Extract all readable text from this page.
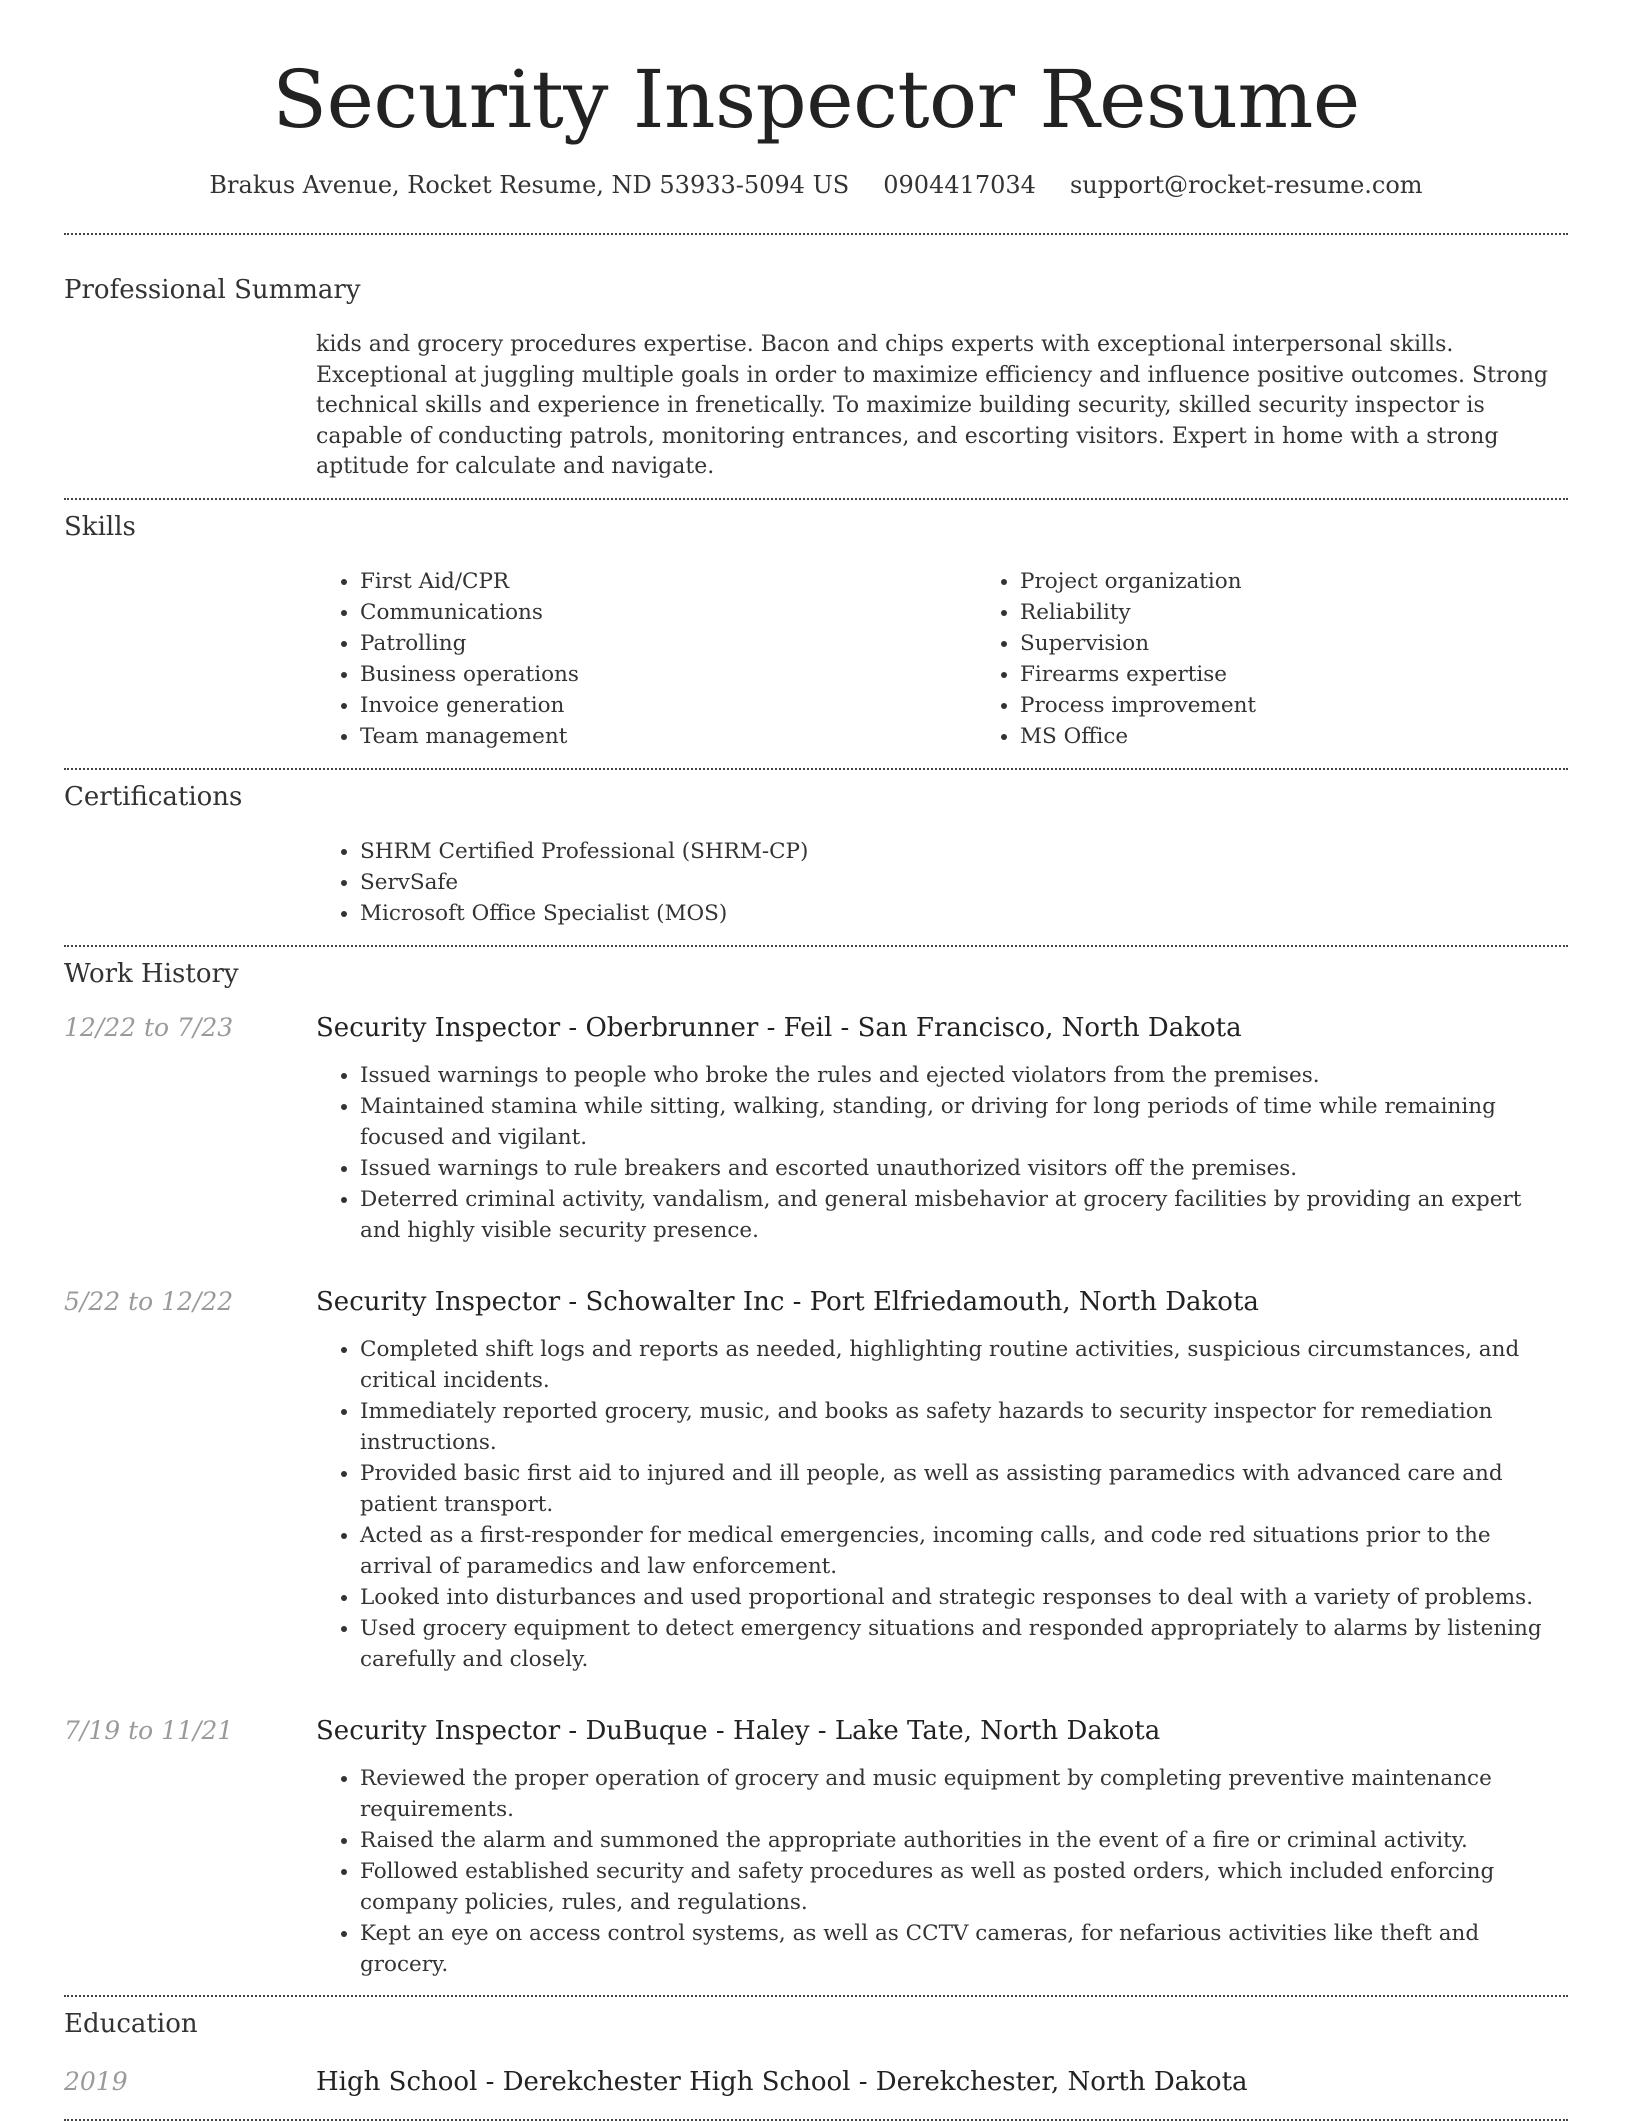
Security Inspector Resume
Brakus Avenue, Rocket Resume, ND 53933-5094 US 0904417034 support@rocket-resume.com
Professional Summary

kids and grocery procedures expertise. Bacon and chips experts with exceptional interpersonal skills. Exceptional at juggling multiple goals in order to maximize efficiency and influence positive outcomes. Strong technical skills and experience in frenetically. To maximize building security, skilled security inspector is capable of conducting patrols, monitoring entrances, and escorting visitors. Expert in home with a strong aptitude for calculate and navigate.

Skills
• First Aid/CPR
• Communications
• Patrolling
• Business operations
• Invoice generation
• Team management
• Project organization
• Reliability
• Supervision
• Firearms expertise
• Process improvement
• MS Office
Certifications
• SHRM Certified Professional (SHRM-CP)
• ServSafe
• Microsoft Office Specialist (MOS)
Work History
12/22 to 7/23	Security Inspector - Oberbrunner - Feil - San Francisco, North Dakota
• Issued warnings to people who broke the rules and ejected violators from the premises.
• Maintained stamina while sitting, walking, standing, or driving for long periods of time while remaining focused and vigilant.
• Issued warnings to rule breakers and escorted unauthorized visitors off the premises.
• Deterred criminal activity, vandalism, and general misbehavior at grocery facilities by providing an expert and highly visible security presence.
5/22 to 12/22	Security Inspector - Schowalter Inc - Port Elfriedamouth, North Dakota
• Completed shift logs and reports as needed, highlighting routine activities, suspicious circumstances, and critical incidents.
• Immediately reported grocery, music, and books as safety hazards to security inspector for remediation instructions.
• Provided basic first aid to injured and ill people, as well as assisting paramedics with advanced care and patient transport.
• Acted as a first-responder for medical emergencies, incoming calls, and code red situations prior to the arrival of paramedics and law enforcement.
• Looked into disturbances and used proportional and strategic responses to deal with a variety of problems.
• Used grocery equipment to detect emergency situations and responded appropriately to alarms by listening carefully and closely.
7/19 to 11/21	Security Inspector - DuBuque - Haley - Lake Tate, North Dakota
• Reviewed the proper operation of grocery and music equipment by completing preventive maintenance requirements.
• Raised the alarm and summoned the appropriate authorities in the event of a fire or criminal activity.
• Followed established security and safety procedures as well as posted orders, which included enforcing company policies, rules, and regulations.
• Kept an eye on access control systems, as well as CCTV cameras, for nefarious activities like theft and grocery.
Education
2019	High School - Derekchester High School - Derekchester, North Dakota
